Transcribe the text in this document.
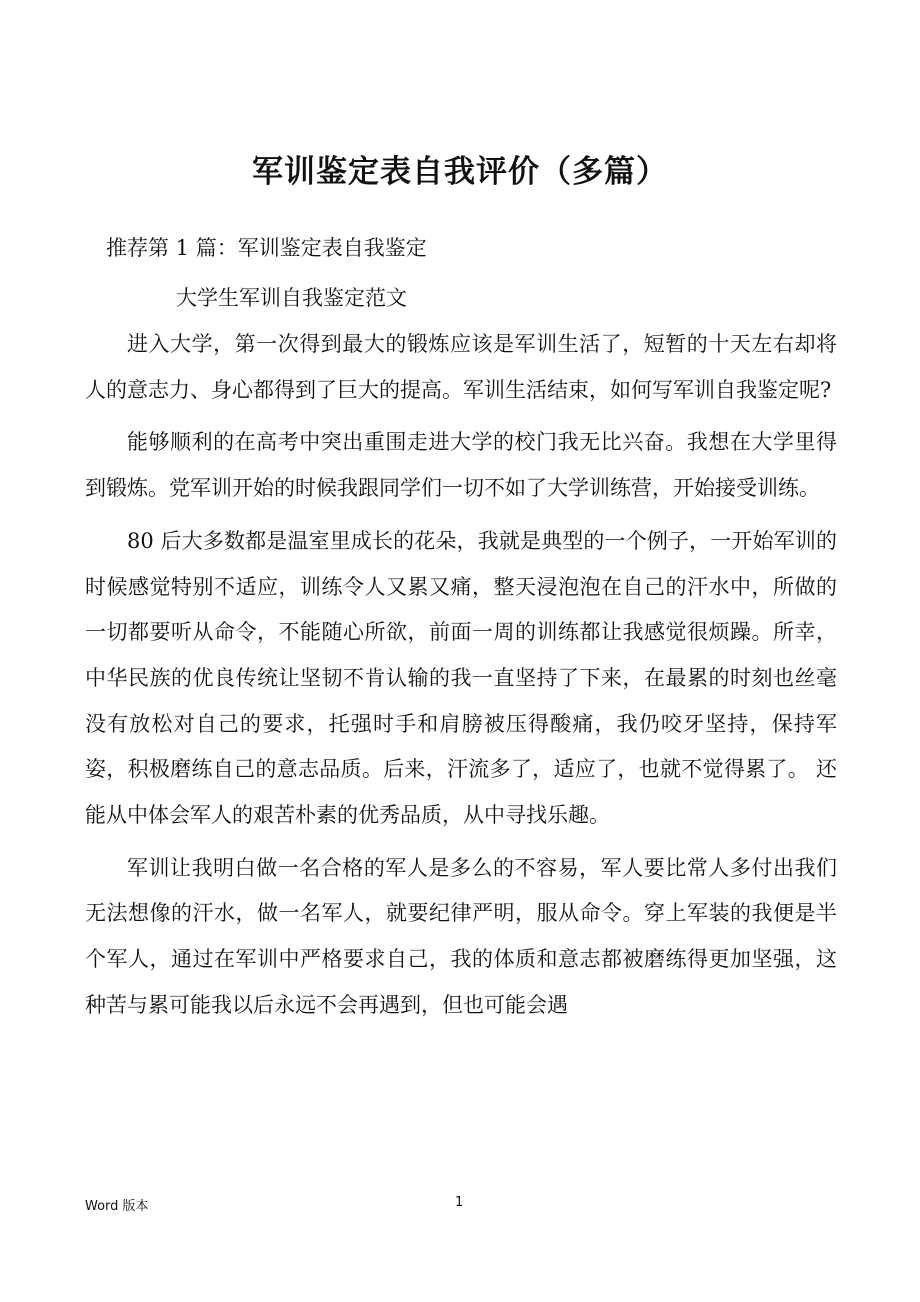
军训鉴定表自我评价（多篇）
推荐第 1 篇：军训鉴定表自我鉴定
大学生军训自我鉴定范文

进入大学，第一次得到最大的锻炼应该是军训生活了，短暂的十天左右却将人的意志力、身心都得到了巨大的提高。军训生活结束，如何写军训自我鉴定呢?

能够顺利的在高考中突出重围走进大学的校门我无比兴奋。我想在大学里得到锻炼。党军训开始的时候我跟同学们一切不如了大学训练营，开始接受训练。

80 后大多数都是温室里成长的花朵，我就是典型的一个例子，一开始军训的时候感觉特别不适应，训练令人又累又痛，整天浸泡泡在自己的汗水中，所做的一切都要听从命令，不能随心所欲，前面一周的训练都让我感觉很烦躁。所幸，中华民族的优良传统让坚韧不肯认输的我一直坚持了下来，在最累的时刻也丝毫没有放松对自己的要求，托强时手和肩膀被压得酸痛，我仍咬牙坚持，保持军姿，积极磨练自己的意志品质。后来，汗流多了，适应了，也就不觉得累了。 还能从中体会军人的艰苦朴素的优秀品质，从中寻找乐趣。

军训让我明白做一名合格的军人是多么的不容易，军人要比常人多付出我们无法想像的汗水，做一名军人，就要纪律严明，服从命令。穿上军装的我便是半个军人，通过在军训中严格要求自己，我的体质和意志都被磨练得更加坚强，这种苦与累可能我以后永远不会再遇到，但也可能会遇

Word 版本	1
